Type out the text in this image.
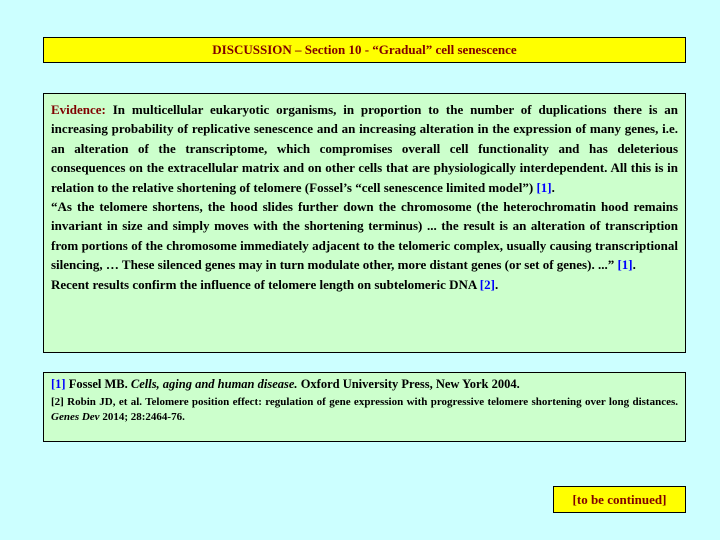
DISCUSSION – Section 10 - “Gradual” cell senescence

Evidence: In multicellular eukaryotic organisms, in proportion to the number of duplications there is an increasing probability of replicative senescence and an increasing alteration in the expression of many genes, i.e. an alteration of the transcriptome, which compromises overall cell functionality and has deleterious consequences on the extracellular matrix and on other cells that are physiologically interdependent. All this is in relation to the relative shortening of telomere (Fossel’s “cell senescence limited model”) [1].

“As the telomere shortens, the hood slides further down the chromosome (the heterochromatin hood remains invariant in size and simply moves with the shortening terminus) ... the result is an alteration of transcription from portions of the chromosome immediately adjacent to the telomeric complex, usually causing transcriptional silencing, … These silenced genes may in turn modulate other, more distant genes (or set of genes). ...” [1].

Recent results confirm the influence of telomere length on subtelomeric DNA [2].

[1] Fossel MB. Cells, aging and human disease. Oxford University Press, New York 2004.

[2] Robin JD, et al. Telomere position effect: regulation of gene expression with progressive telomere shortening over long distances. Genes Dev 2014; 28:2464-76.

[to be continued]
